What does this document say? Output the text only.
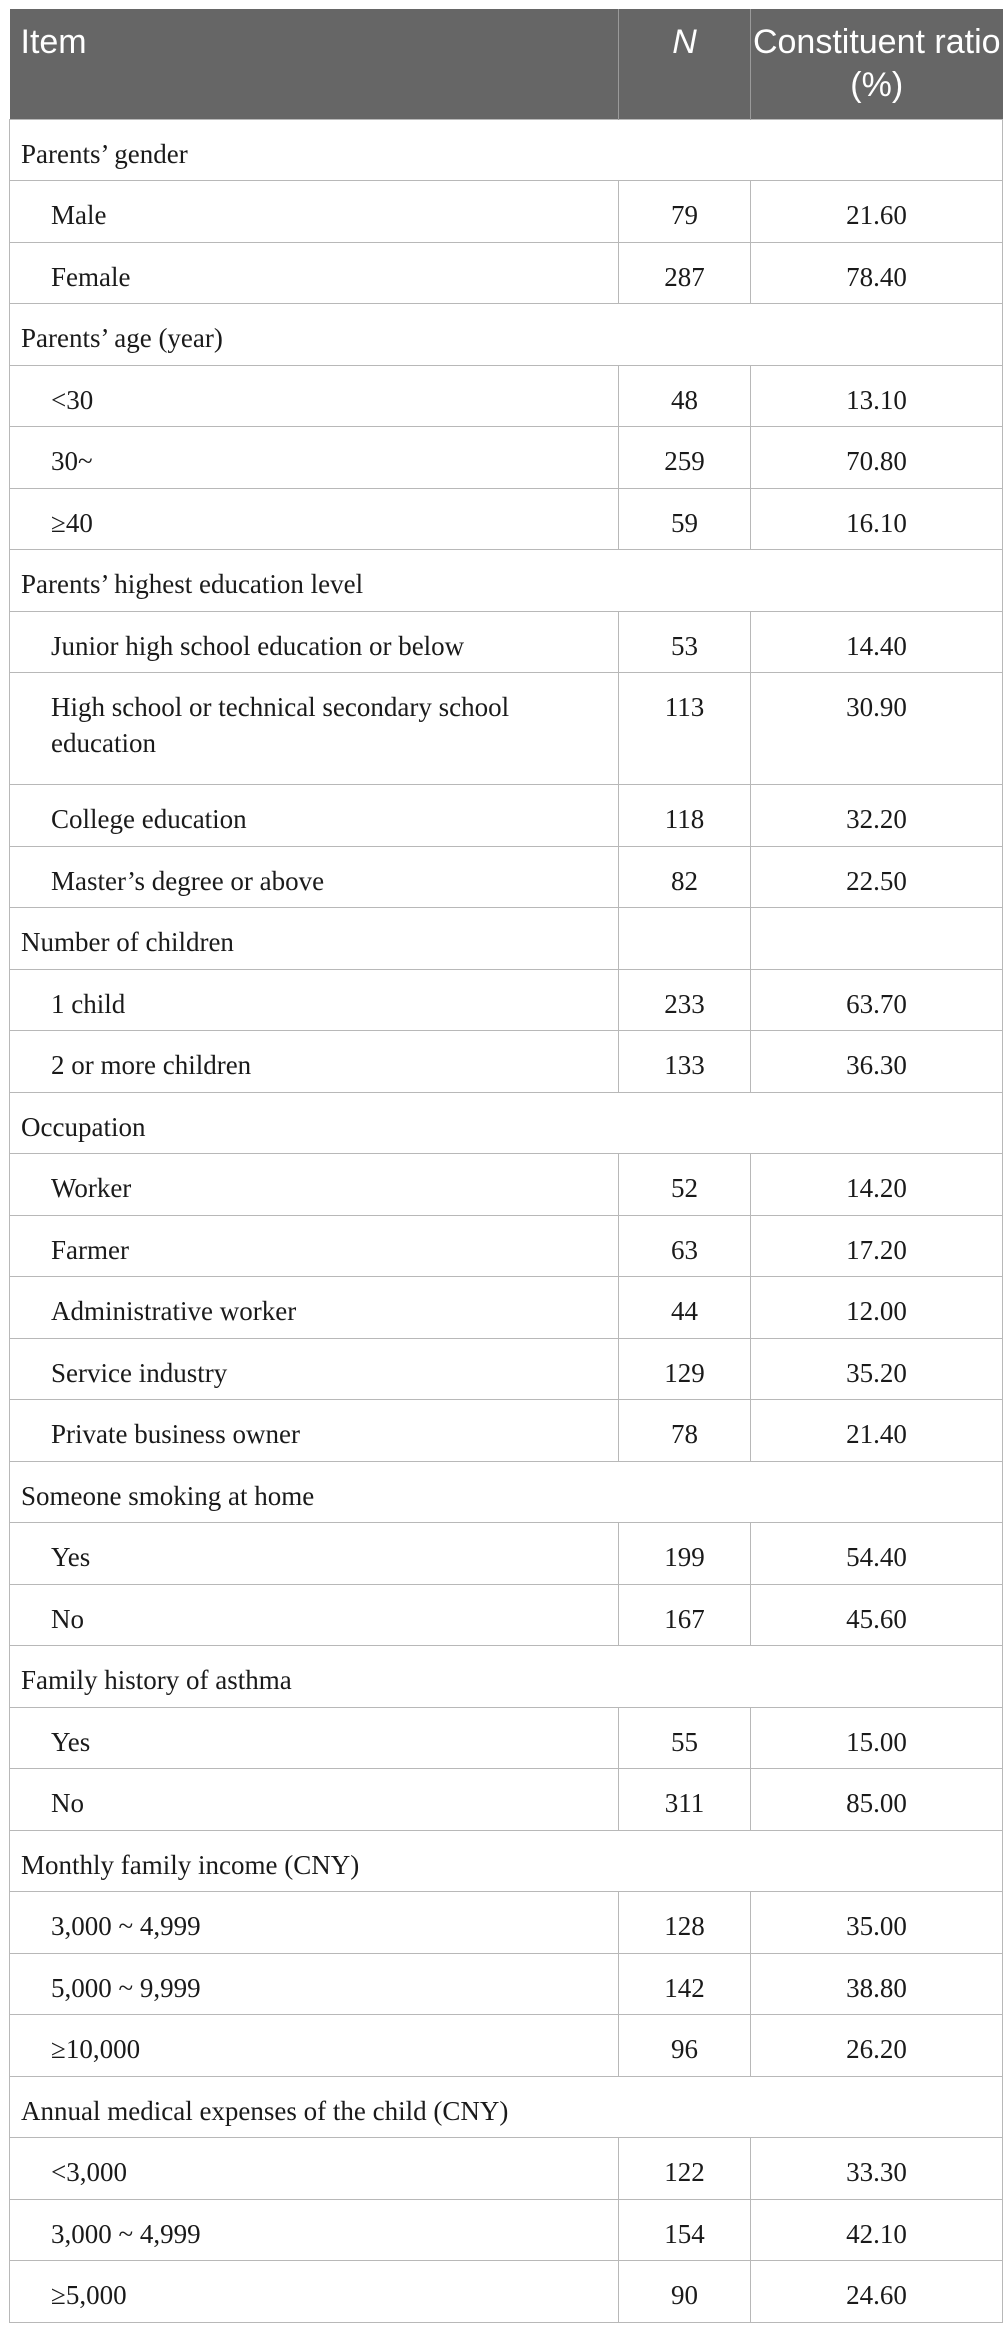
Item	N	Constituent ratio (%)
Parents’ gender		
Male	79	21.60
Female	287	78.40
Parents’ age (year)		
<30	48	13.10
30~	259	70.80
≥40	59	16.10
Parents’ highest education level		
Junior high school education or below	53	14.40
High school or technical secondary school education	113	30.90
College education	118	32.20
Master’s degree or above	82	22.50
Number of children		
1 child	233	63.70
2 or more children	133	36.30
Occupation		
Worker	52	14.20
Farmer	63	17.20
Administrative worker	44	12.00
Service industry	129	35.20
Private business owner	78	21.40
Someone smoking at home		
Yes	199	54.40
No	167	45.60
Family history of asthma		
Yes	55	15.00
No	311	85.00
Monthly family income (CNY)		
3,000 ~ 4,999	128	35.00
5,000 ~ 9,999	142	38.80
≥10,000	96	26.20
Annual medical expenses of the child (CNY)		
<3,000	122	33.30
3,000 ~ 4,999	154	42.10
≥5,000	90	24.60
